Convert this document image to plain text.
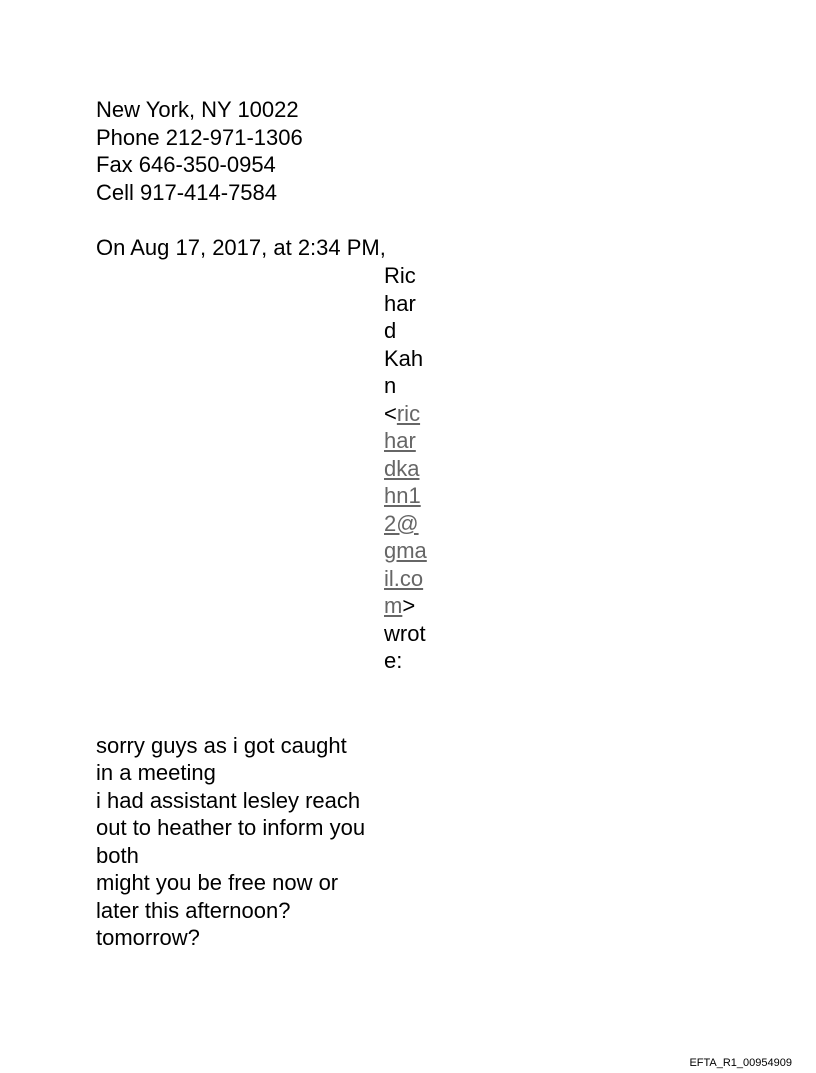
New York, NY 10022
Phone 212-971-1306
Fax 646-350-0954
Cell 917-414-7584
On Aug 17, 2017, at 2:34 PM,
Ric
har
d
Kah
n
<ric
har
dka
hn1
2@
gma
il.co
m>
wrot
e:
sorry guys as i got caught
in a meeting
i had assistant lesley reach
out to heather to inform you
both
might you be free now or
later this afternoon?
tomorrow?
EFTA_R1_00954909
